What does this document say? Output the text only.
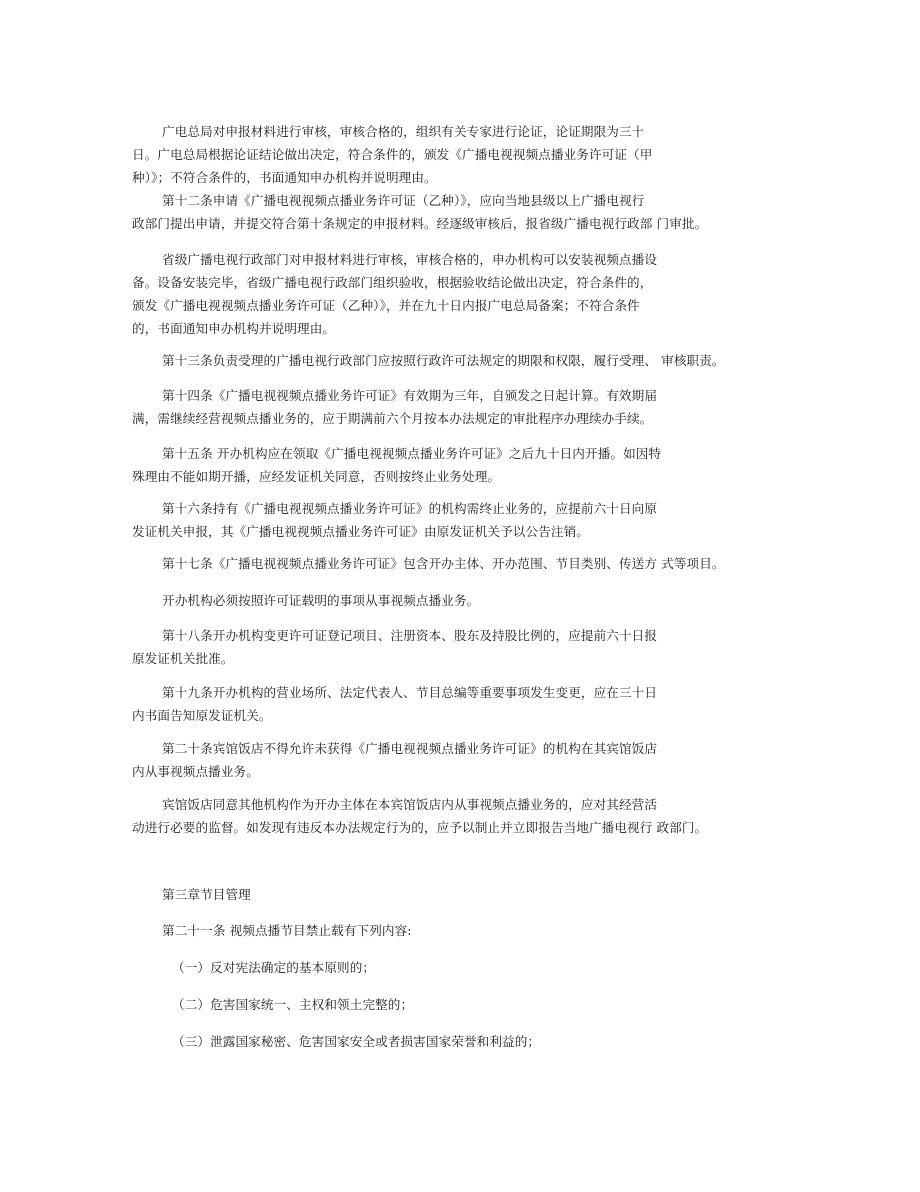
广电总局对申报材料进行审核，审核合格的，组织有关专家进行论证，论证期限为三十
日。广电总局根据论证结论做出决定，符合条件的，颁发《广播电视视频点播业务许可证（甲
种）》；不符合条件的，书面通知申办机构并说明理由。
第十二条申请《广播电视视频点播业务许可证（乙种）》，应向当地县级以上广播电视行
政部门提出申请，并提交符合第十条规定的申报材料。经逐级审核后，报省级广播电视行政部 门审批。
省级广播电视行政部门对申报材料进行审核，审核合格的，申办机构可以安装视频点播设
备。设备安装完毕，省级广播电视行政部门组织验收，根据验收结论做出决定，符合条件的，
颁发《广播电视视频点播业务许可证（乙种）》，并在九十日内报广电总局备案；不符合条件
的，书面通知申办机构并说明理由。
第十三条负责受理的广播电视行政部门应按照行政许可法规定的期限和权限，履行受理、 审核职责。
第十四条《广播电视视频点播业务许可证》有效期为三年，自颁发之日起计算。有效期届
满，需继续经营视频点播业务的，应于期满前六个月按本办法规定的审批程序办理续办手续。
第十五条 开办机构应在领取《广播电视视频点播业务许可证》之后九十日内开播。如因特
殊理由不能如期开播，应经发证机关同意，否则按终止业务处理。
第十六条持有《广播电视视频点播业务许可证》的机构需终止业务的，应提前六十日向原
发证机关申报，其《广播电视视频点播业务许可证》由原发证机关予以公告注销。
第十七条《广播电视视频点播业务许可证》包含开办主体、开办范围、节目类别、传送方 式等项目。
开办机构必须按照许可证载明的事项从事视频点播业务。
第十八条开办机构变更许可证登记项目、注册资本、股东及持股比例的，应提前六十日报
原发证机关批准。
第十九条开办机构的营业场所、法定代表人、节目总编等重要事项发生变更，应在三十日
内书面告知原发证机关。
第二十条宾馆饭店不得允许未获得《广播电视视频点播业务许可证》的机构在其宾馆饭店
内从事视频点播业务。
宾馆饭店同意其他机构作为开办主体在本宾馆饭店内从事视频点播业务的，应对其经营活
动进行必要的监督。如发现有违反本办法规定行为的，应予以制止并立即报告当地广播电视行 政部门。
第三章节目管理
第二十一条 视频点播节目禁止载有下列内容:
（一）反对宪法确定的基本原则的；
（二）危害国家统一、主权和领土完整的；
（三）泄露国家秘密、危害国家安全或者损害国家荣誉和利益的；
